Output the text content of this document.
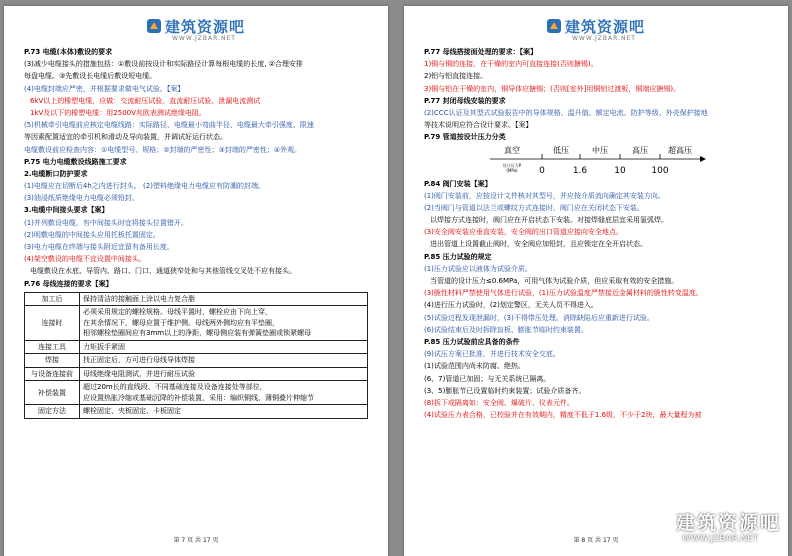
建筑资源吧
WWW.JZBAR.NET
P.73 电缆(本体)敷设的要求
(3)减少电缆接头的措施包括：①敷设前按设计和实际路径计算每根电缆的长度, ②合理安排
每盘电缆。③先敷设长电缆后敷设短电缆。
(4)电缆封端应严密，并根据要求做电气试验。【案】
6kV以上的橡塑电缆，应做：交流耐压试验、直流耐压试验、泄漏电流测试
1kV及以下的橡塑电缆：用2500V兆欧表测试绝缘电阻。
(5)机械牵引电缆前应核定电缆线路：实际路径、电缆最小弯曲半径、电缆最大牵引强度、限速
等因素配置适宜的牵引机和滑动及导向装置，并调试好运行状态。
电缆敷设前应检查内容：①电缆型号、规格；②封端的严密性；③封端的严密性；④外观。
P.75 电力电缆敷设线路施工要求
2.电缆断口防护要求
(1)电缆应在切断后4h之内进行封头。 (2)塑料绝缘电力电缆应有防潮的封端。
(3)油浸纸质绝缘电力电缆必须铅封。
3.电缆中间接头要求【案】
(1)并列敷设电缆，有中间接头时宜将接头位置错开。
(2)明敷电缆的中间接头应用托板托置固定。
(3)电力电缆在终端与接头附近宜留有备用长度。
(4)架空敷设的电缆不宜设置中间接头。
电缆敷设在水底、导管内、路口、门口、通道狭窄处和与其他管线交叉处不应有接头。
P.76 母线连接的要求【案】
加工后	保持清洁的接触面上涂以电力复合脂
连接时	必须采用规定的螺栓规格。母线平置时，螺栓应由下向上穿，
在其余情况下，螺母应置于维护侧。母线两外侧均应有平垫圈，
相邻螺栓垫圈间应有3mm以上的净距，螺母侧应装有弹簧垫圈或锁紧螺母
连接工具	力矩扳手紧固
焊接	找正固定后，方可进行母线导体焊接
与设备连接前	母线绝缘电阻测试，并进行耐压试验
补偿装置	超过20m长的直线段、不同基础连接及设备连接处等部位，
应设置热胀冷缩或基础沉降的补偿装置，采用：编织铜线、薄铜叠片伸缩节
固定方法	螺栓固定、夹板固定、卡板固定
第 7 页 共 17 页
建筑资源吧
WWW.JZBAR.NET
P.77 母线搭接面处理的要求：【案】
1)铜与铜的连接，在干燥的室内可直接连接(否则搪锡)。
2)铝与铝直接连接。
3)铜与铝在干燥的室内，铜导体应搪锡；(否则[室外]用铜铝过渡板，铜端应搪锡)。
P.77 封闭母线安装的要求
(2)CCC认证及其型式试验报告中的导体规格、温升值、额定电流、防护等级、外壳保护接地
等技术说明应符合设计要求。【案】
P.79 管道按设计压力分类
0	1.6	10	100
真空	低压	中压	高压	超高压
设计压力P
(MPa)
P.84 阀门安装【案】
(1)阀门安装前，应按设计文件核对其型号，并应按介质流向确定其安装方向。
(2)当阀门与管道以法兰或螺纹方式连接时，阀门应在关闭状态下安装。
以焊接方式连接时，阀门应在开启状态下安装。对接焊缝底层宜采用氩弧焊。
(3)安全阀安装应垂直安装，安全阀的出口管道应接向安全地点。
进出管道上设置截止阀时，安全阀应加铅封，且应锁定在全开启状态。
P.85 压力试验的规定
(1)压力试验应以液体为试验介质。
当管道的设计压力≤0.6MPa，可用气体为试验介质，但应采取有效的安全措施。
(3)脆性材料严禁使用气体进行试验，(1)压力试验温度严禁接近金属材料的脆性转变温度。
(4)进行压力试验时，(2)划定警区，无关人员不得进入。
(5)试验过程发现泄漏时，(3)不得带压处理。消除缺陷后应重新进行试验。
(6)试验结束后及时拆除盲板、膨胀节临时约束装置。
P.85 压力试验前应具备的条件
(9)试压方案已批准，并进行技术安全交底。
(1)试验范围内尚未防腐、绝热。
(6、7)管道已加固；与无关系统已隔离。
(3、5)膨胀节已设置临时约束装置；试验介质备齐。
(8)拆下或隔离如：安全阀、爆破片、仪表元件。
(4)试验压力表合格，已校验并在有效期内，精度不低于1.6级，不少于2块，最大量程为被
第 8 页 共 17 页
建筑资源吧
WWW.JZBAR.NET
